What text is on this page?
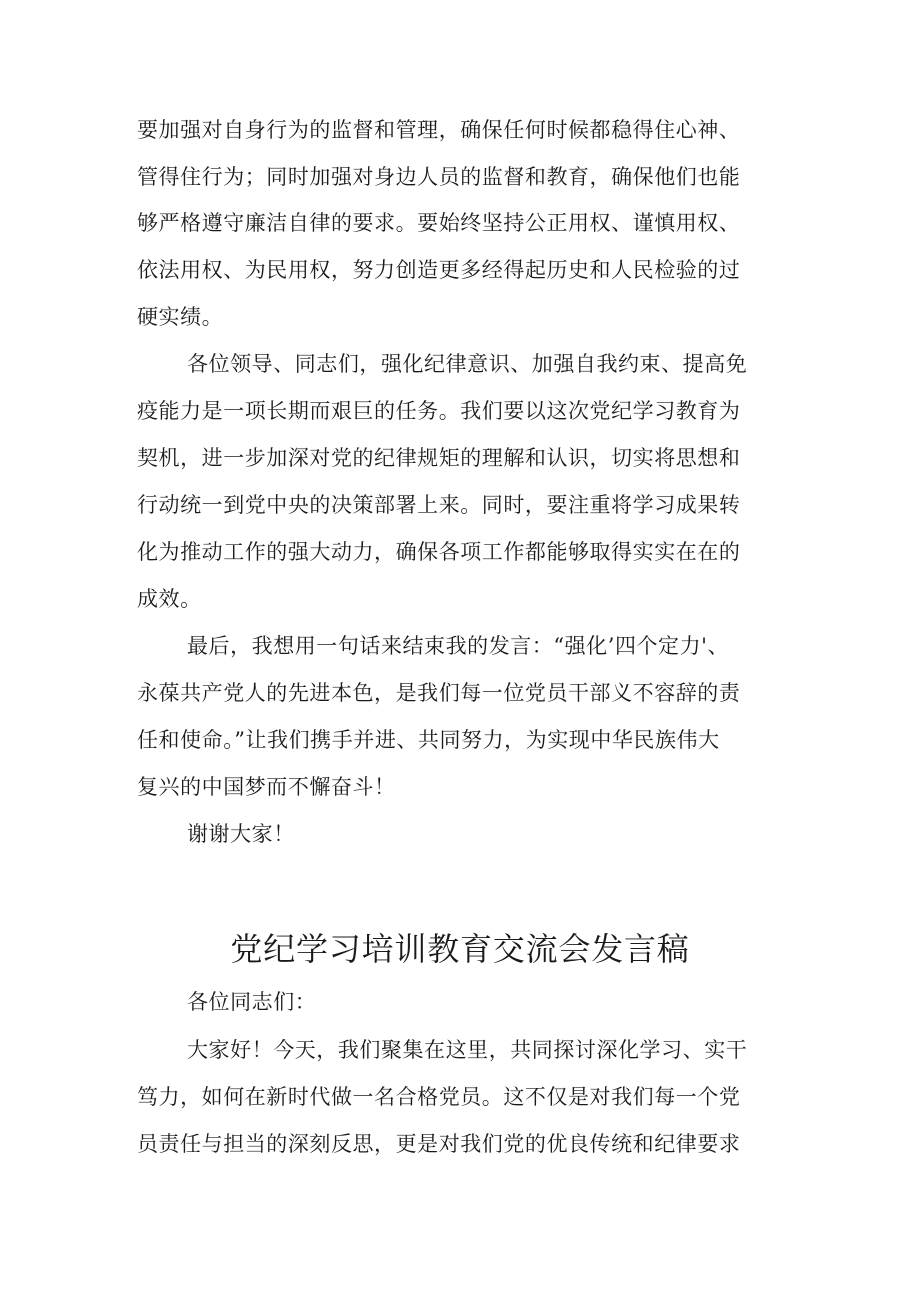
要加强对自身行为的监督和管理，确保任何时候都稳得住心神、
管得住行为；同时加强对身边人员的监督和教育，确保他们也能
够严格遵守廉洁自律的要求。要始终坚持公正用权、谨慎用权、
依法用权、为民用权，努力创造更多经得起历史和人民检验的过
硬实绩。
各位领导、同志们，强化纪律意识、加强自我约束、提高免
疫能力是一项长期而艰巨的任务。我们要以这次党纪学习教育为
契机，进一步加深对党的纪律规矩的理解和认识，切实将思想和
行动统一到党中央的决策部署上来。同时，要注重将学习成果转
化为推动工作的强大动力，确保各项工作都能够取得实实在在的
成效。
最后，我想用一句话来结束我的发言：“强化’四个定力'、
永葆共产党人的先进本色，是我们每一位党员干部义不容辞的责
任和使命。”让我们携手并进、共同努力，为实现中华民族伟大
复兴的中国梦而不懈奋斗！
谢谢大家！
党纪学习培训教育交流会发言稿
各位同志们：
大家好！今天，我们聚集在这里，共同探讨深化学习、实干
笃力，如何在新时代做一名合格党员。这不仅是对我们每一个党
员责任与担当的深刻反思，更是对我们党的优良传统和纪律要求
